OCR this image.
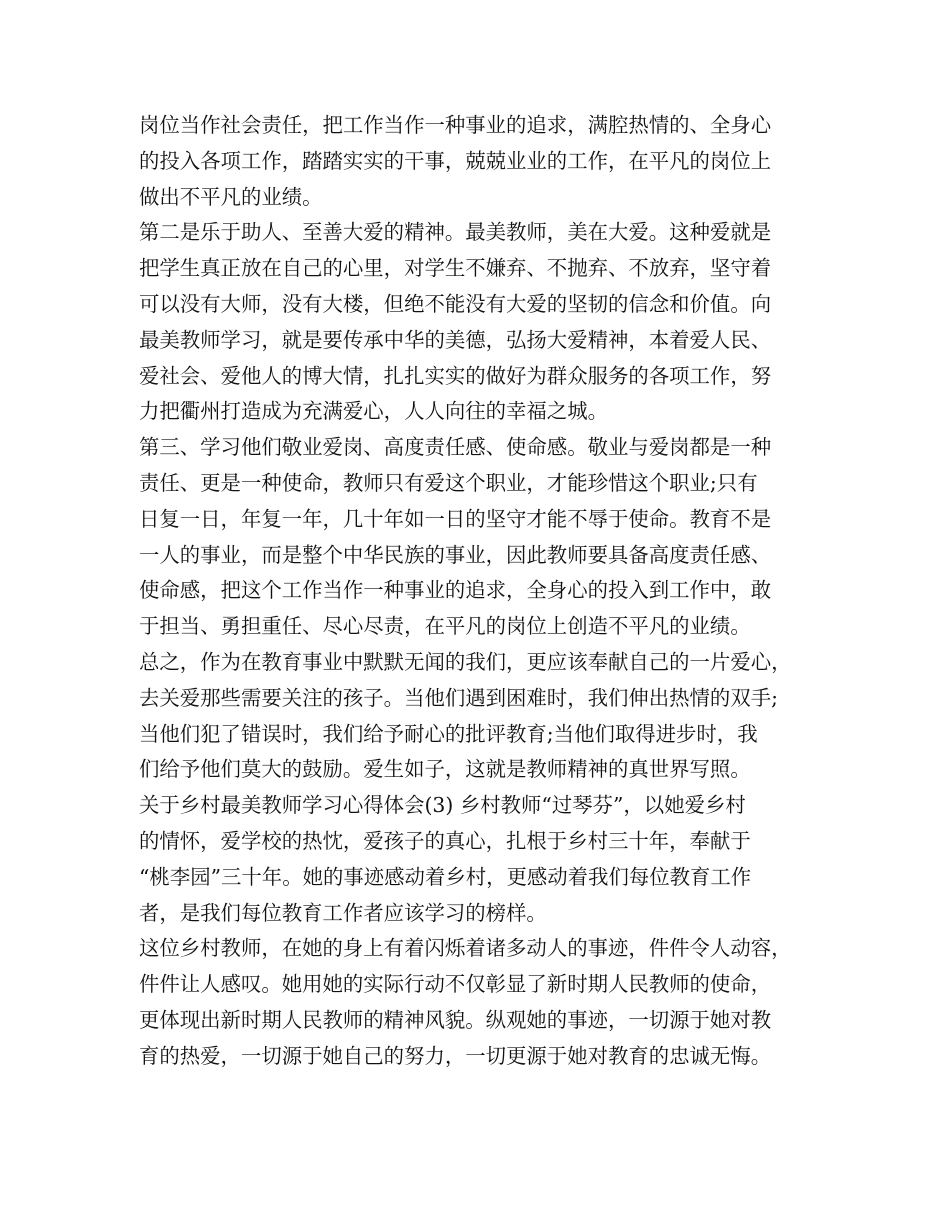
岗位当作社会责任，把工作当作一种事业的追求，满腔热情的、全身心
的投入各项工作，踏踏实实的干事，兢兢业业的工作，在平凡的岗位上
做出不平凡的业绩。
第二是乐于助人、至善大爱的精神。最美教师，美在大爱。这种爱就是
把学生真正放在自己的心里，对学生不嫌弃、不抛弃、不放弃，坚守着
可以没有大师，没有大楼，但绝不能没有大爱的坚韧的信念和价值。向
最美教师学习，就是要传承中华的美德，弘扬大爱精神，本着爱人民、
爱社会、爱他人的博大情，扎扎实实的做好为群众服务的各项工作，努
力把衢州打造成为充满爱心，人人向往的幸福之城。
第三、学习他们敬业爱岗、高度责任感、使命感。敬业与爱岗都是一种
责任、更是一种使命，教师只有爱这个职业，才能珍惜这个职业;只有
日复一日，年复一年，几十年如一日的坚守才能不辱于使命。教育不是
一人的事业，而是整个中华民族的事业，因此教师要具备高度责任感、
使命感，把这个工作当作一种事业的追求，全身心的投入到工作中，敢
于担当、勇担重任、尽心尽责，在平凡的岗位上创造不平凡的业绩。
总之，作为在教育事业中默默无闻的我们，更应该奉献自己的一片爱心，
去关爱那些需要关注的孩子。当他们遇到困难时，我们伸出热情的双手;
当他们犯了错误时，我们给予耐心的批评教育;当他们取得进步时，我
们给予他们莫大的鼓励。爱生如子，这就是教师精神的真世界写照。
关于乡村最美教师学习心得体会(3) 乡村教师“过琴芬”，以她爱乡村
的情怀，爱学校的热忱，爱孩子的真心，扎根于乡村三十年，奉献于
“桃李园”三十年。她的事迹感动着乡村，更感动着我们每位教育工作
者，是我们每位教育工作者应该学习的榜样。
这位乡村教师，在她的身上有着闪烁着诸多动人的事迹，件件令人动容，
件件让人感叹。她用她的实际行动不仅彰显了新时期人民教师的使命，
更体现出新时期人民教师的精神风貌。纵观她的事迹，一切源于她对教
育的热爱，一切源于她自己的努力，一切更源于她对教育的忠诚无悔。
